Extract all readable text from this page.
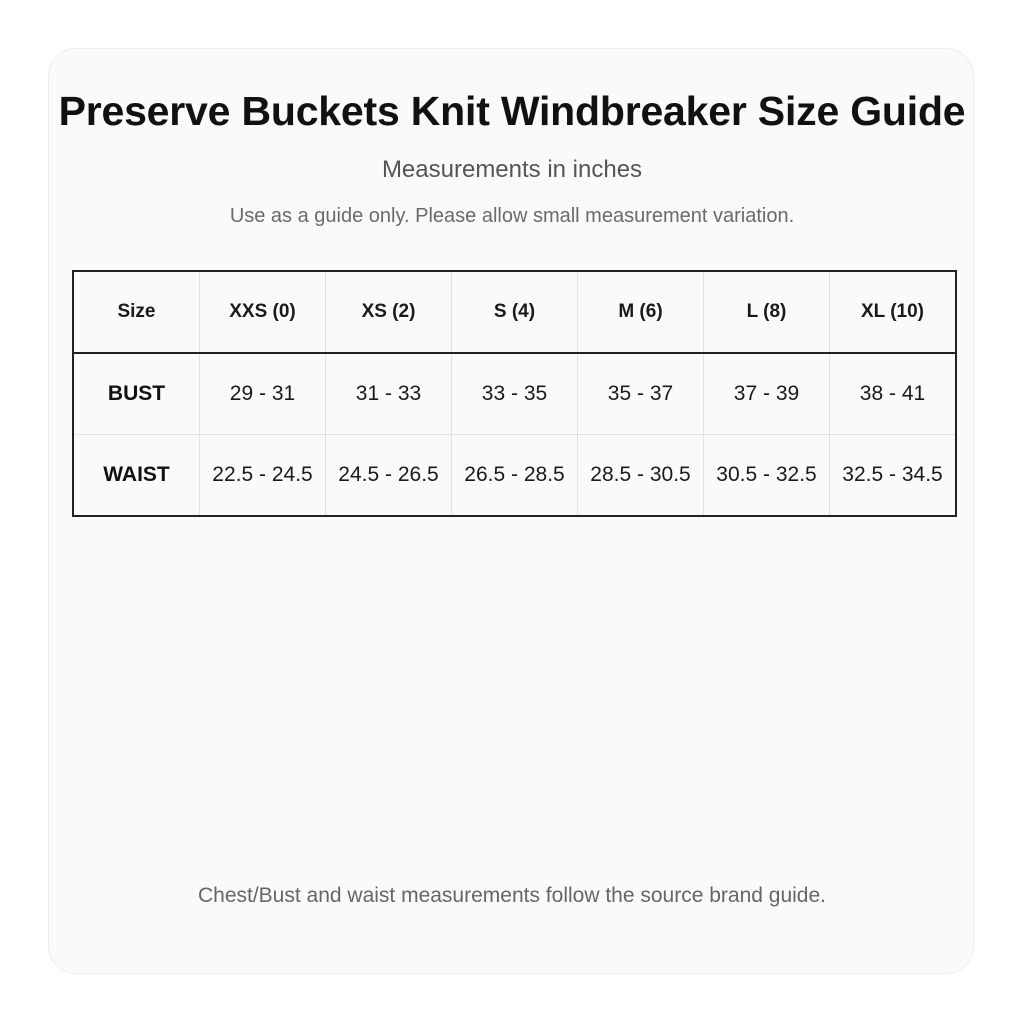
Preserve Buckets Knit Windbreaker Size Guide
Measurements in inches
Use as a guide only. Please allow small measurement variation.
Size	XXS (0)	XS (2)	S (4)	M (6)	L (8)	XL (10)
BUST	29 - 31	31 - 33	33 - 35	35 - 37	37 - 39	38 - 41
WAIST	22.5 - 24.5	24.5 - 26.5	26.5 - 28.5	28.5 - 30.5	30.5 - 32.5	32.5 - 34.5
Chest/Bust and waist measurements follow the source brand guide.
